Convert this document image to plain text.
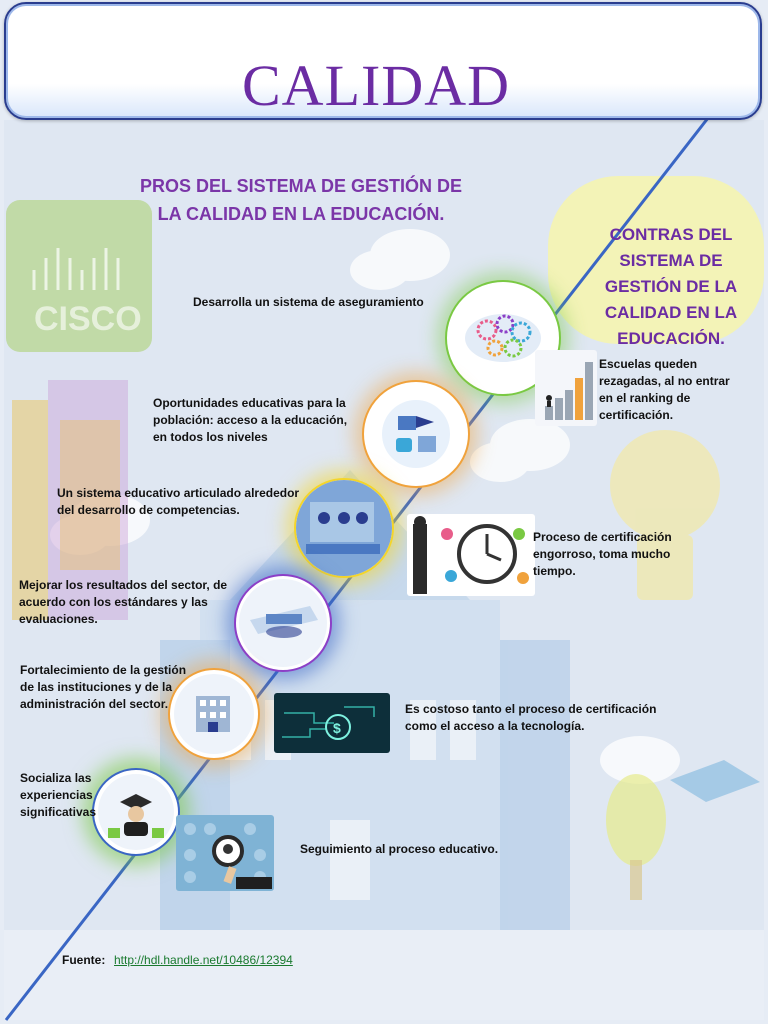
CISCO
CALIDAD
PROS DEL SISTEMA DE GESTIÓN DE
LA CALIDAD EN LA EDUCACIÓN.
CONTRAS DEL
SISTEMA DE
GESTIÓN DE LA
CALIDAD EN LA
EDUCACIÓN.
Desarrolla un sistema de aseguramiento
Oportunidades educativas para la
población: acceso a la educación,
en todos los niveles
Un sistema educativo articulado alrededor
del desarrollo de competencias.
Mejorar los resultados del sector, de
acuerdo con los estándares y las
evaluaciones.
Fortalecimiento de la gestión
de las instituciones y de la
administración del sector.
Socializa las
experiencias
significativas
$
Escuelas queden
rezagadas, al no entrar
en el ranking de
certificación.
Proceso de certificación
engorroso, toma mucho
tiempo.
Es costoso tanto el proceso de certificación
como el acceso a la tecnología.
Seguimiento al proceso educativo.
Fuente: http://hdl.handle.net/10486/12394
